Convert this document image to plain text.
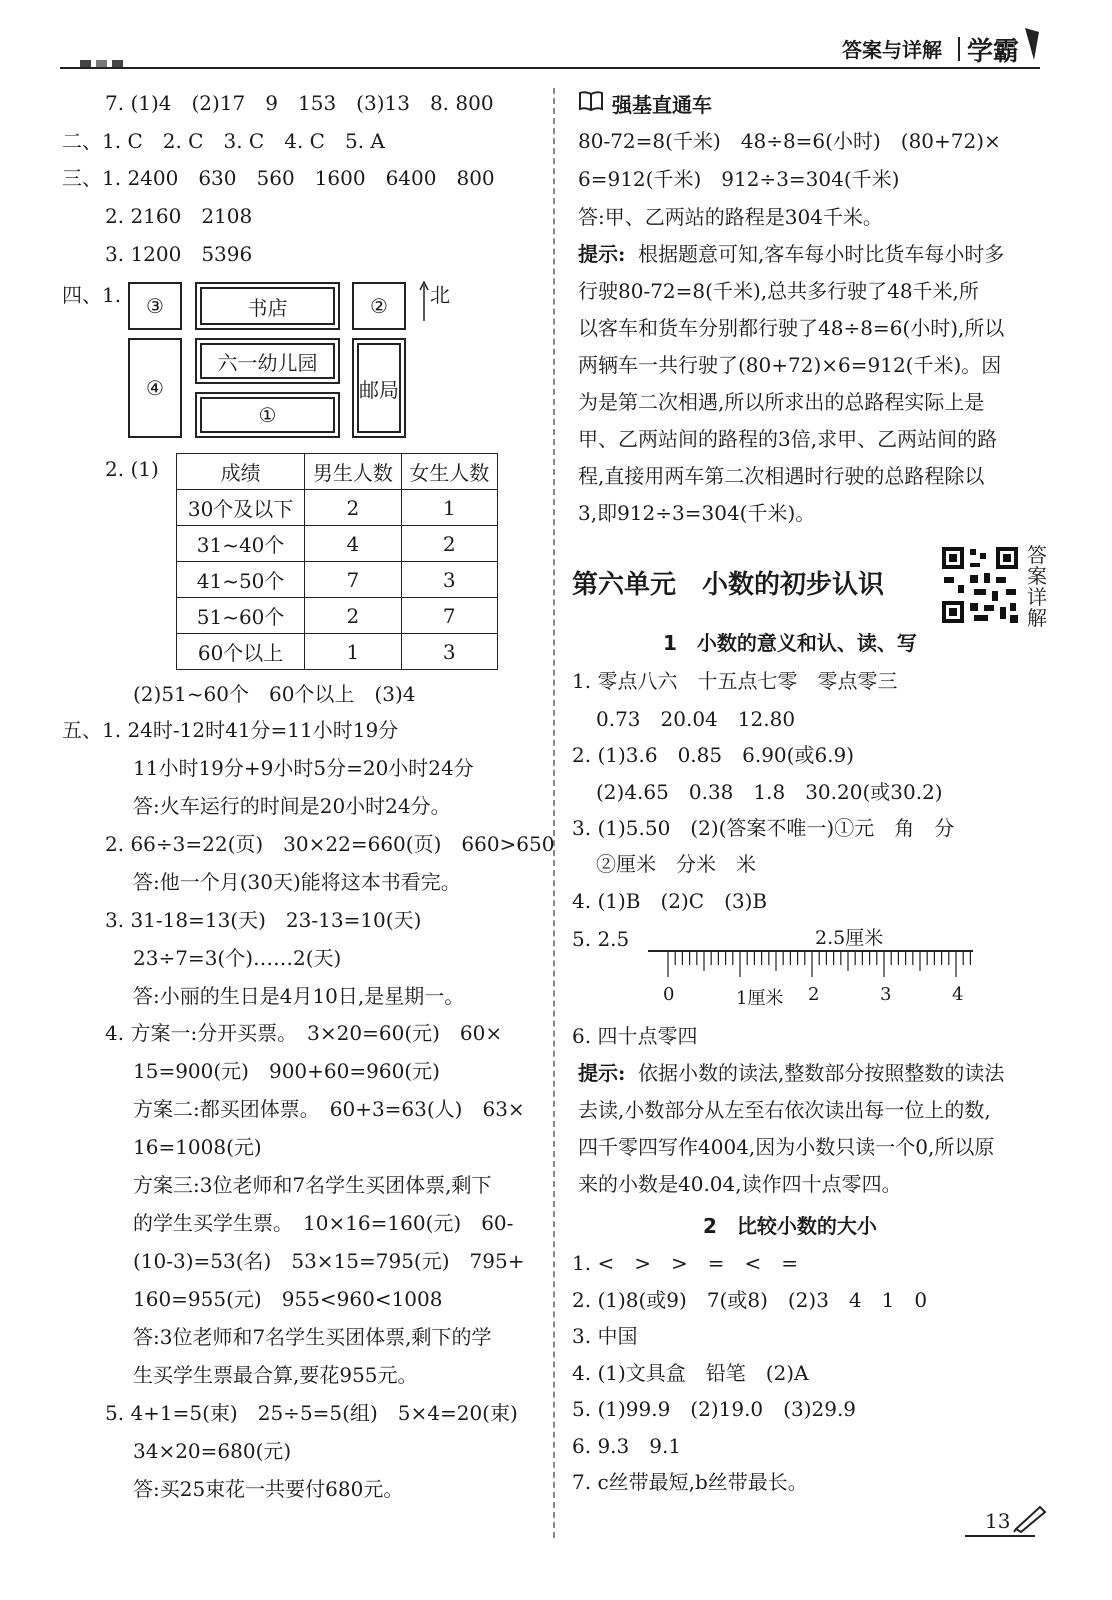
答案与详解 学霸
7. (1)4　(2)17　9　153　(3)13　8. 800
二、1. C　2. C　3. C　4. C　5. A
三、1. 2400　630　560　1600　6400　800
2. 2160　2108
3. 1200　5396
四、1. ③	书店	② 北
④
六一幼儿园
邮局
①
2. (1)	成绩	男生人数	女生人数
30个及以下	2	1
31~40个	4	2
41~50个	7	3
51~60个	2	7
60个以上	1	3
(2)51~60个　60个以上　(3)4
五、1. 24时-12时41分=11小时19分
11小时19分+9小时5分=20小时24分
答:火车运行的时间是20小时24分。
2. 66÷3=22(页)　30×22=660(页)　660>650
答:他一个月(30天)能将这本书看完。
3. 31-18=13(天)　23-13=10(天)
23÷7=3(个)……2(天)
答:小丽的生日是4月10日,是星期一。
4. 方案一:分开买票。　3×20=60(元)　60×
15=900(元)　900+60=960(元)
方案二:都买团体票。　60+3=63(人)　63×
16=1008(元)
方案三:3位老师和7名学生买团体票,剩下
的学生买学生票。　10×16=160(元)　60-
(10-3)=53(名)　53×15=795(元)　795+
160=955(元)　955<960<1008
答:3位老师和7名学生买团体票,剩下的学
生买学生票最合算,要花955元。
5. 4+1=5(束)　25÷5=5(组)　5×4=20(束)
34×20=680(元)
答:买25束花一共要付680元。
强基直通车
80-72=8(千米)　48÷8=6(小时)　(80+72)×
6=912(千米)　912÷3=304(千米)
答:甲、乙两站的路程是304千米。
提示: 根据题意可知,客车每小时比货车每小时多
行驶80-72=8(千米),总共多行驶了48千米,所
以客车和货车分别都行驶了48÷8=6(小时),所以
两辆车一共行驶了(80+72)×6=912(千米)。因
为是第二次相遇,所以所求出的总路程实际上是
甲、乙两站间的路程的3倍,求甲、乙两站间的路
程,直接用两车第二次相遇时行驶的总路程除以
3,即912÷3=304(千米)。
第六单元　小数的初步认识
答案详解
1　小数的意义和认、读、写
1. 零点八六　十五点七零　零点零三
0.73　20.04　12.80
2. (1)3.6　0.85　6.90(或6.9)
(2)4.65　0.38　1.8　30.20(或30.2)
3. (1)5.50　(2)(答案不唯一)①元　角　分
②厘米　分米　米
4. (1)B　(2)C　(3)B
5. 2.5	2.5厘米
0	1厘米 2	3	4
6. 四十点零四
提示: 依据小数的读法,整数部分按照整数的读法
去读,小数部分从左至右依次读出每一位上的数,
四千零四写作4004,因为小数只读一个0,所以原
来的小数是40.04,读作四十点零四。
2　比较小数的大小
1. <　>　>　=　<　=
2. (1)8(或9)　7(或8)　(2)3　4　1　0
3. 中国
4. (1)文具盒　铅笔　(2)A
5. (1)99.9　(2)19.0　(3)29.9
6. 9.3　9.1
7. c丝带最短,b丝带最长。
13
